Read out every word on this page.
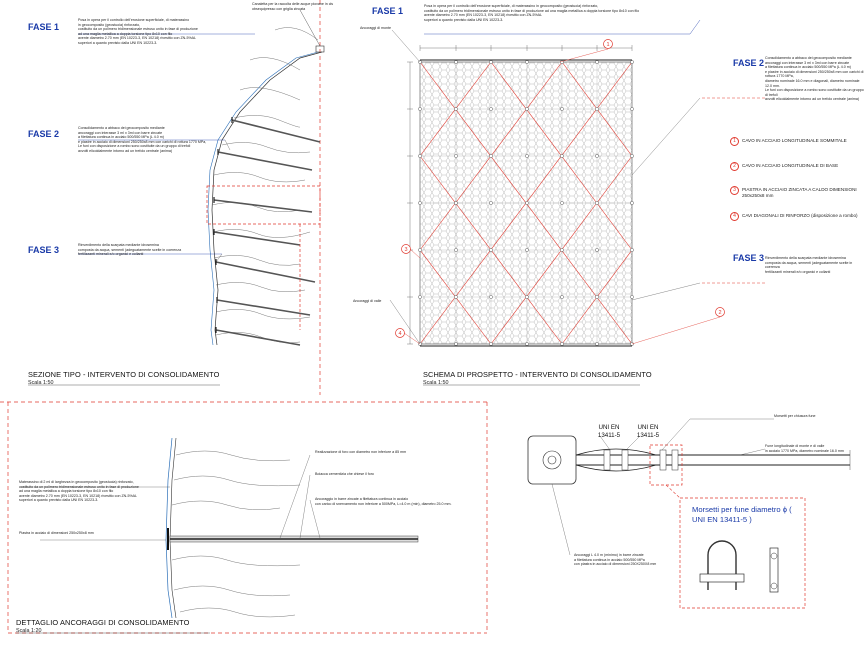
1
2
3
4
FASE 1
FASE 2
FASE 3
Canaletta per la raccolta delle acque piovane in cls
obsequipresso con griglia zincata
Posa in opera per il controllo dell'erosione superficiale, di materassino
in geocomposito (geostuoia) rinforzato,
costituito da un polimero tridimensionale estruso unito in fase di produzione
ad una maglia metallica a doppia torsione tipo 8x10 con filo
avente diametro 2.70 mm (EN 10223-3, EN 10218) rivestito con ZN-5%AL
superiori a quanto previsto dalla UNI EN 10223-3.
Consolidamento a abbaco dei geocomposito mediante
ancoraggi con interasse 3 ml x 3ml con barre zincate
a filettatura continua in acciaio 500/550 MPa (L 4.0 m)
e piastre in acciaio di dimensioni 250/250x8 mm con carichi di rottura 1770 MPa,
Le funi con disposizione a rombo sono costituite da un gruppo di trefoli
avvolti elicoidalmente intorno ad un trefolo centrale (anima)
Rinverdimento della scarpata mediante idrosemina
composta da acqua, sementi (adeguatamente scelte in coerenza
fertilizzanti minerali e/o organici e collanti
SEZIONE TIPO - INTERVENTO DI CONSOLIDAMENTO
Scala 1:50
FASE 1	Posa in opera per il controllo dell'erosione superficiale, di materassino in geocomposito (geostuoia) rinforzato,
costituito da un polimero tridimensionale estruso unito in fase di produzione ad una maglia metallica a doppia torsione tipo 8x10 con filo
avente diametro 2.70 mm (EN 10223-3, EN 10218) rivestito con ZN-5%AL
superiori a quanto previsto dalla UNI EN 10223-3.
Ancoraggi di monte
Ancoraggi di valle
FASE 2 Consolidamento a abbaco dei geocomposito mediante
ancoraggi con interasse 3 ml x 3ml con barre zincate
a filettatura continua in acciaio 500/550 MPa (L 4.0 m)
e piastre in acciaio di dimensioni 250/250x8 mm con carichi di rottura 1770 MPa,
diametro nominale 16.0 mm e diagonali, diametro nominale 12.0 mm.
Le funi con disposizione a rombo sono costituite da un gruppo di trefoli
avvolti elicoidalmente intorno ad un trefolo centrale (anima)
FASE 3 Rinverdimento della scarpata mediante idrosemina
composta da acqua, sementi (adeguatamente scelte in coerenza
fertilizzanti minerali e/o organici e collanti
1	CAVO IN ACCIAIO LONGITUDINALE SOMMITALE
2	CAVO IN ACCIAIO LONGITUDINALE DI BASE
3	PIASTRA IN ACCIAIO ZINCATA A CALDO DIMENSIONI
250x250x8 mm
4	CAVI DIAGONALI DI RINFORZO (disposizione a rombo)
SCHEMA DI PROSPETTO - INTERVENTO DI CONSOLIDAMENTO
Scala 1:50
Materassino di 2 ml di larghezza in geocomposito (geostuoia) rinforzato,
costituito da un polimero tridimensionale estruso unito in fase di produzione
ad una maglia metallica a doppia torsione tipo 8x10 con filo
avente diametro 2.70 mm (EN 10223-3, EN 10218) rivestito con ZN-5%AL
superiori a quanto previsto dalla UNI EN 10223-3.
Piastra in acciaio di dimensioni 250x250x8 mm
Realizzazione di foro con diametro non inferiore a 85 mm
Boiacca cementizia che chiese il foro
Ancoraggio in barre zincate a filettatura continua in acciaio
con carico di snervamento non inferiore a 500MPa, L=4.0 m (min), diametro 25.0 mm.
DETTAGLIO ANCORAGGI DI CONSOLIDAMENTO
Scala 1:20
Morsetti per chiusura fune
Fune longitudinale di monte e di valle
in acciaio 1770 MPa, diametro nominale 16.0 mm
Ancoraggi L 4.0 m (minimo) in barre zincate
a filettatura continua in acciaio 500/550 MPa
con piastra in acciaio di dimensioni 250X250X8 mm
UNI EN 13411-5
UNI EN 13411-5
Morsetti per fune diametro ϕ ( UNI EN 13411-5 )
